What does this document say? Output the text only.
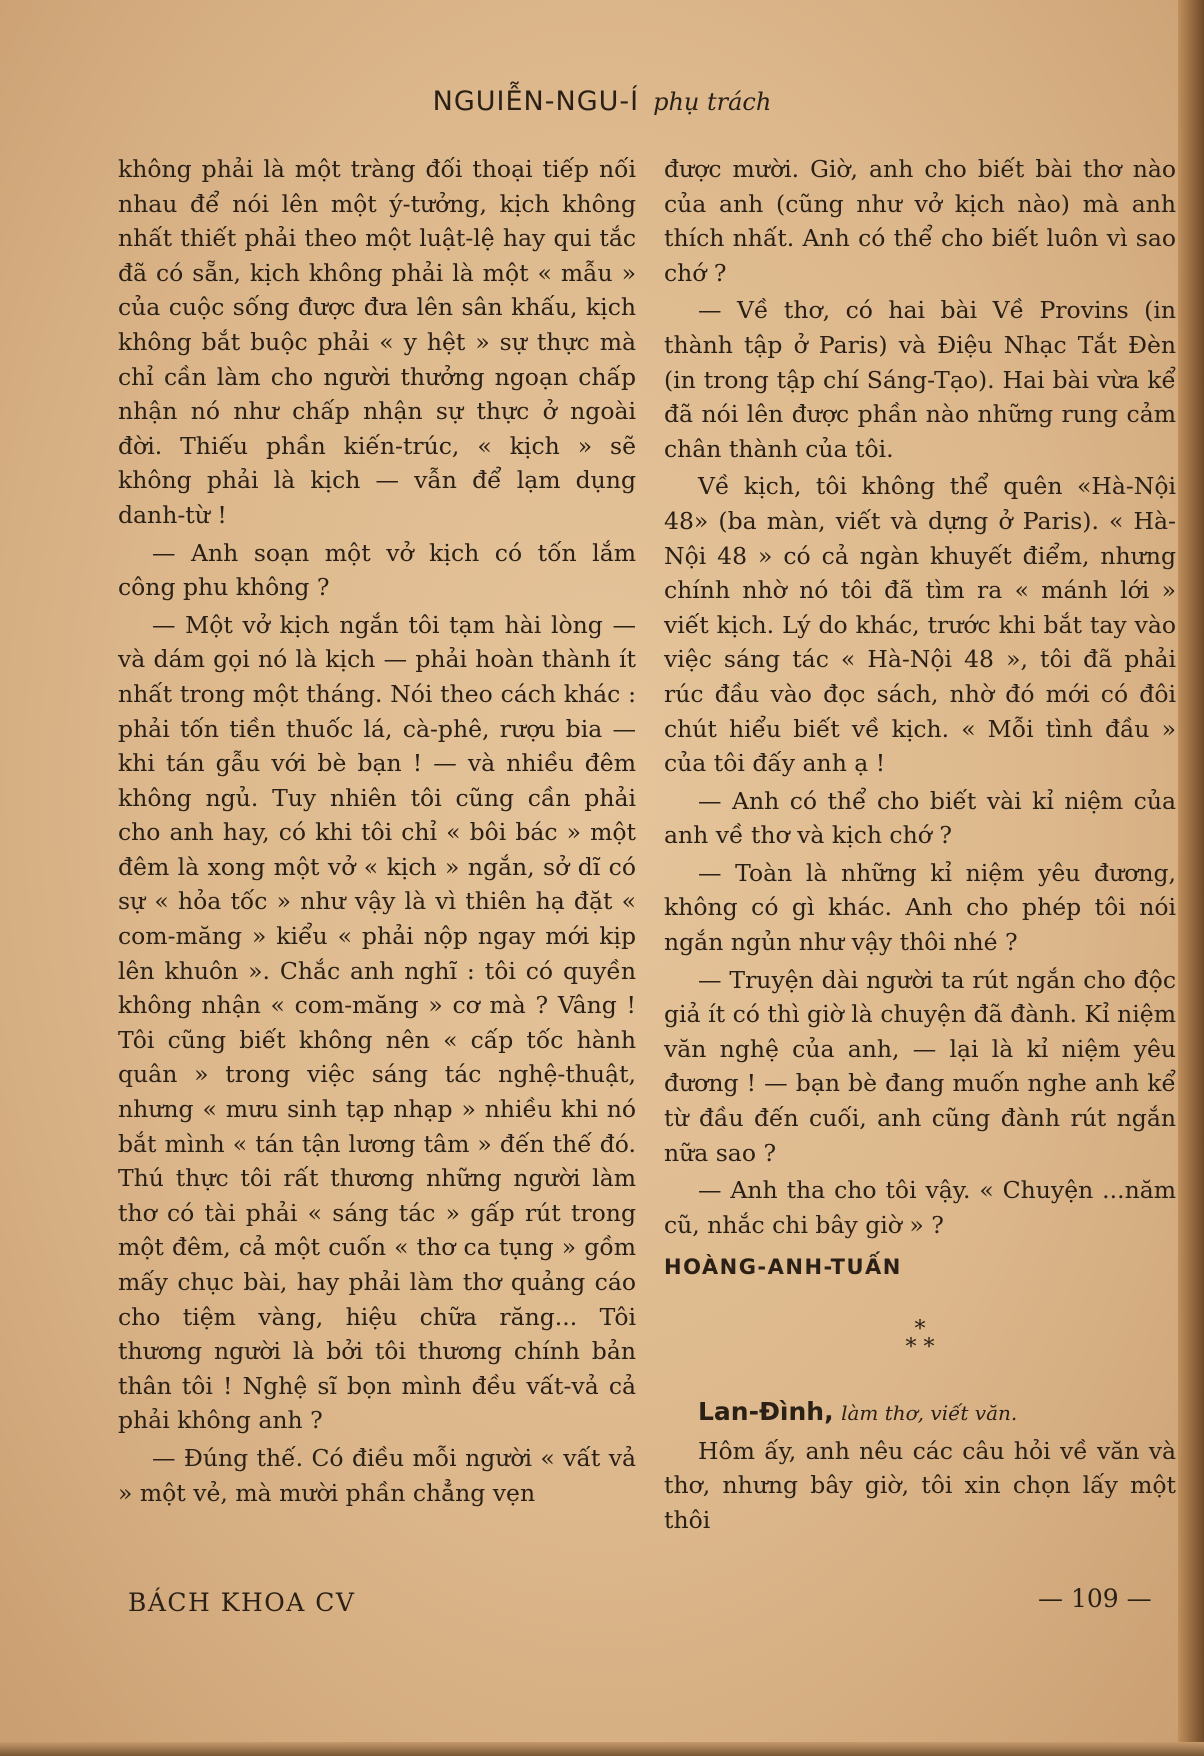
NGUIỄN-NGU-Í phụ trách

không phải là một tràng đối thoại tiếp nối nhau để nói lên một ý-tưởng, kịch không nhất thiết phải theo một luật-lệ hay qui tắc đã có sẵn, kịch không phải là một « mẫu » của cuộc sống được đưa lên sân khấu, kịch không bắt buộc phải « y hệt » sự thực mà chỉ cần làm cho người thưởng ngoạn chấp nhận nó như chấp nhận sự thực ở ngoài đời. Thiếu phần kiến-trúc, « kịch » sẽ không phải là kịch — vẫn để lạm dụng danh-từ !

— Anh soạn một vở kịch có tốn lắm công phu không ?

— Một vở kịch ngắn tôi tạm hài lòng — và dám gọi nó là kịch — phải hoàn thành ít nhất trong một tháng. Nói theo cách khác : phải tốn tiền thuốc lá, cà-phê, rượu bia — khi tán gẫu với bè bạn ! — và nhiều đêm không ngủ. Tuy nhiên tôi cũng cần phải cho anh hay, có khi tôi chỉ « bôi bác » một đêm là xong một vở « kịch » ngắn, sở dĩ có sự « hỏa tốc » như vậy là vì thiên hạ đặt « com-măng » kiểu « phải nộp ngay mới kịp lên khuôn ». Chắc anh nghĩ : tôi có quyền không nhận « com-măng » cơ mà ? Vâng ! Tôi cũng biết không nên « cấp tốc hành quân » trong việc sáng tác nghệ-thuật, nhưng « mưu sinh tạp nhạp » nhiều khi nó bắt mình « tán tận lương tâm » đến thế đó. Thú thực tôi rất thương những người làm thơ có tài phải « sáng tác » gấp rút trong một đêm, cả một cuốn « thơ ca tụng » gồm mấy chục bài, hay phải làm thơ quảng cáo cho tiệm vàng, hiệu chữa răng... Tôi thương người là bởi tôi thương chính bản thân tôi ! Nghệ sĩ bọn mình đều vất-vả cả phải không anh ?

— Đúng thế. Có điều mỗi người « vất vả » một vẻ, mà mười phần chẳng vẹn

được mười. Giờ, anh cho biết bài thơ nào của anh (cũng như vở kịch nào) mà anh thích nhất. Anh có thể cho biết luôn vì sao chớ ?

— Về thơ, có hai bài Về Provins (in thành tập ở Paris) và Điệu Nhạc Tắt Đèn (in trong tập chí Sáng-Tạo). Hai bài vừa kể đã nói lên được phần nào những rung cảm chân thành của tôi.

Về kịch, tôi không thể quên «Hà-Nội 48» (ba màn, viết và dựng ở Paris). « Hà-Nội 48 » có cả ngàn khuyết điểm, nhưng chính nhờ nó tôi đã tìm ra « mánh lới » viết kịch. Lý do khác, trước khi bắt tay vào việc sáng tác « Hà-Nội 48 », tôi đã phải rúc đầu vào đọc sách, nhờ đó mới có đôi chút hiểu biết về kịch. « Mỗi tình đầu » của tôi đấy anh ạ !

— Anh có thể cho biết vài kỉ niệm của anh về thơ và kịch chớ ?

— Toàn là những kỉ niệm yêu đương, không có gì khác. Anh cho phép tôi nói ngắn ngủn như vậy thôi nhé ?

— Truyện dài người ta rút ngắn cho độc giả ít có thì giờ là chuyện đã đành. Kỉ niệm văn nghệ của anh, — lại là kỉ niệm yêu đương ! — bạn bè đang muốn nghe anh kể từ đầu đến cuối, anh cũng đành rút ngắn nữa sao ?

— Anh tha cho tôi vậy. « Chuyện ...năm cũ, nhắc chi bây giờ » ?

HOÀNG-ANH-TUẤN

*
* *

Lan-Đình, làm thơ, viết văn.

Hôm ấy, anh nêu các câu hỏi về văn và thơ, nhưng bây giờ, tôi xin chọn lấy một thôi

BÁCH KHOA CV	— 109 —
